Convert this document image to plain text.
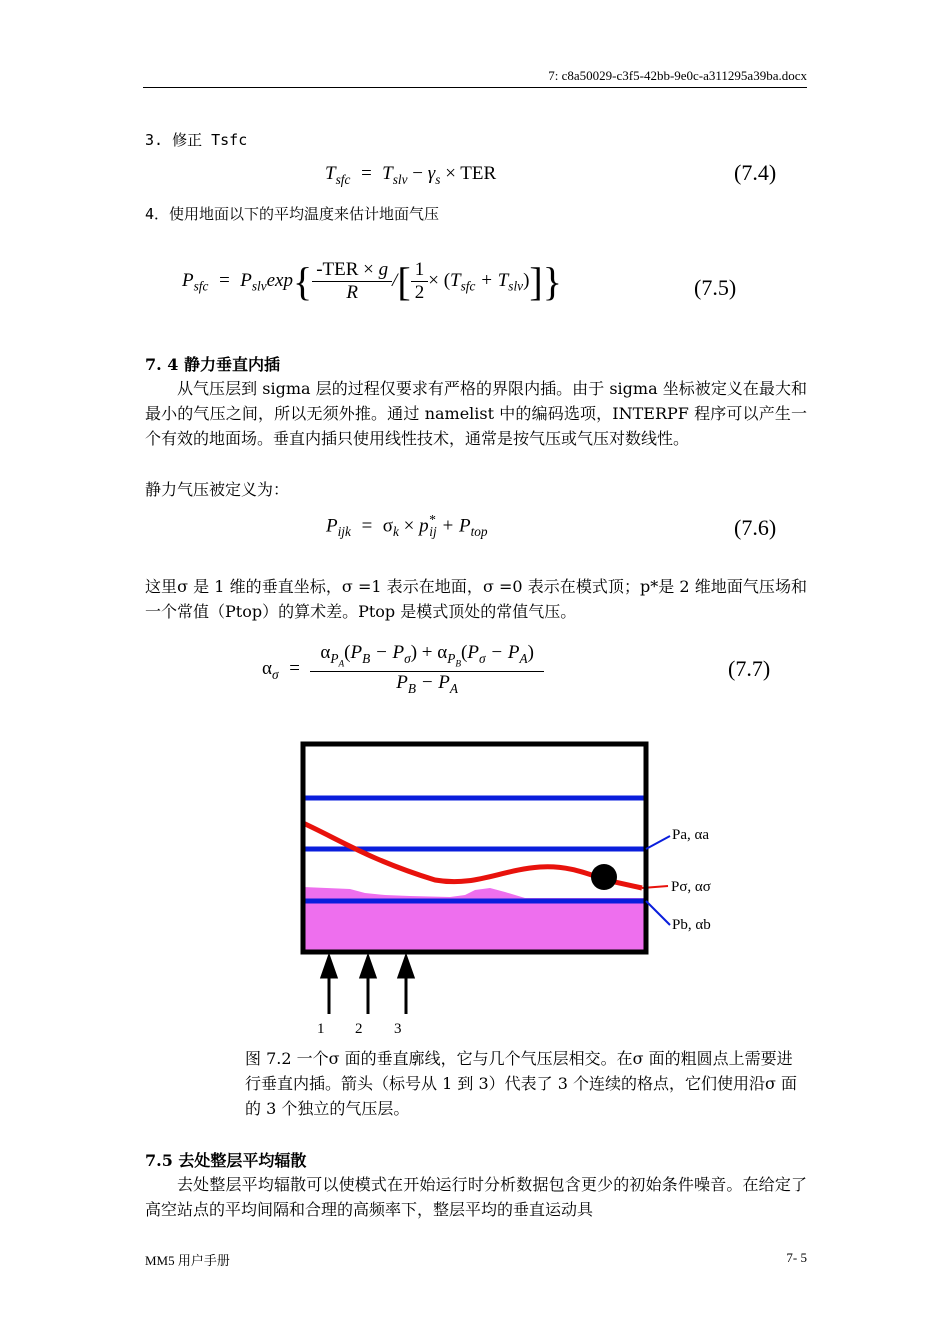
7: c8a50029-c3f5-42bb-9e0c-a311295a39ba.docx
3. 修正 Tsfc
$T_{sfc} = T_{slv} - \gamma_s$ × TER	(7.4)
4．使用地面以下的平均温度来估计地面气压
$P_{sfc} = P_{slv}\exp\{ \frac{\text{-TER × g}}{R}$ /[ $\frac{1}{2} \times (T_{sfc} + T_{slv})$]}	(7.5)
7. 4 静力垂直内插
从气压层到 sigma 层的过程仅要求有严格的界限内插。由于 sigma 坐标被定义在最大和最小的气压之间，所以无须外推。通过 namelist 中的编码选项，INTERPF 程序可以产生一个有效的地面场。垂直内插只使用线性技术，通常是按气压或气压对数线性。
静力气压被定义为：
$P_{ijk} = \sigma_k \times p^*_{ij} + P_{top}$	(7.6)
这里σ 是 1 维的垂直坐标，σ =1 表示在地面，σ =0 表示在模式顶；p*是 2 维地面气压场和一个常值（Ptop）的算术差。Ptop 是模式顶处的常值气压。
$\alpha_\sigma = \frac{\alpha_{P_A}(P_B - P_\sigma) + \alpha_{P_B}(P_\sigma - P_A)}{P_B - P_A}$	(7.7)
Pa, αa
Pσ, ασ
Pb, αb
1 2 3
图 7.2 一个σ 面的垂直廓线，它与几个气压层相交。在σ 面的粗圆点上需要进行垂直内插。箭头（标号从 1 到 3）代表了 3 个连续的格点，它们使用沿σ 面的 3 个独立的气压层。
7.5 去处整层平均辐散
去处整层平均辐散可以使模式在开始运行时分析数据包含更少的初始条件噪音。在给定了高空站点的平均间隔和合理的高频率下，整层平均的垂直运动具
MM5 用户手册	7- 5
